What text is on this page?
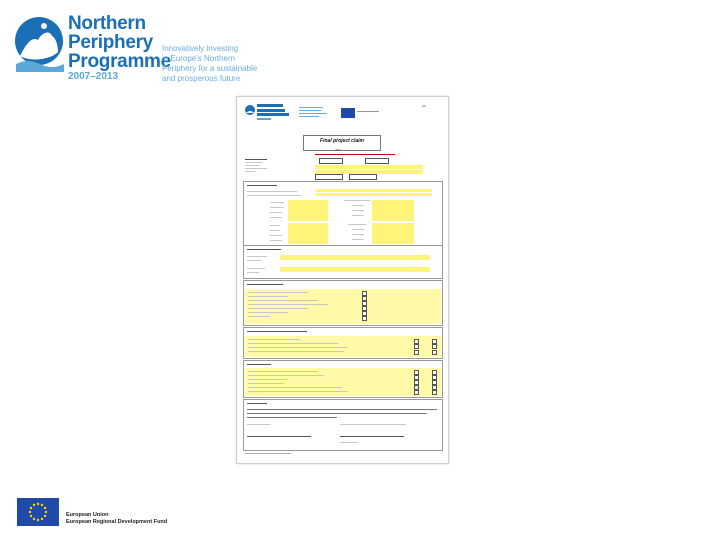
Northern
Periphery
Programme
2007–2013
Innovatively investing
in Europe's Northern
Periphery for a sustainable
and prosperous future
1/2
Final project claim
2013
European Union
European Regional Development Fund
